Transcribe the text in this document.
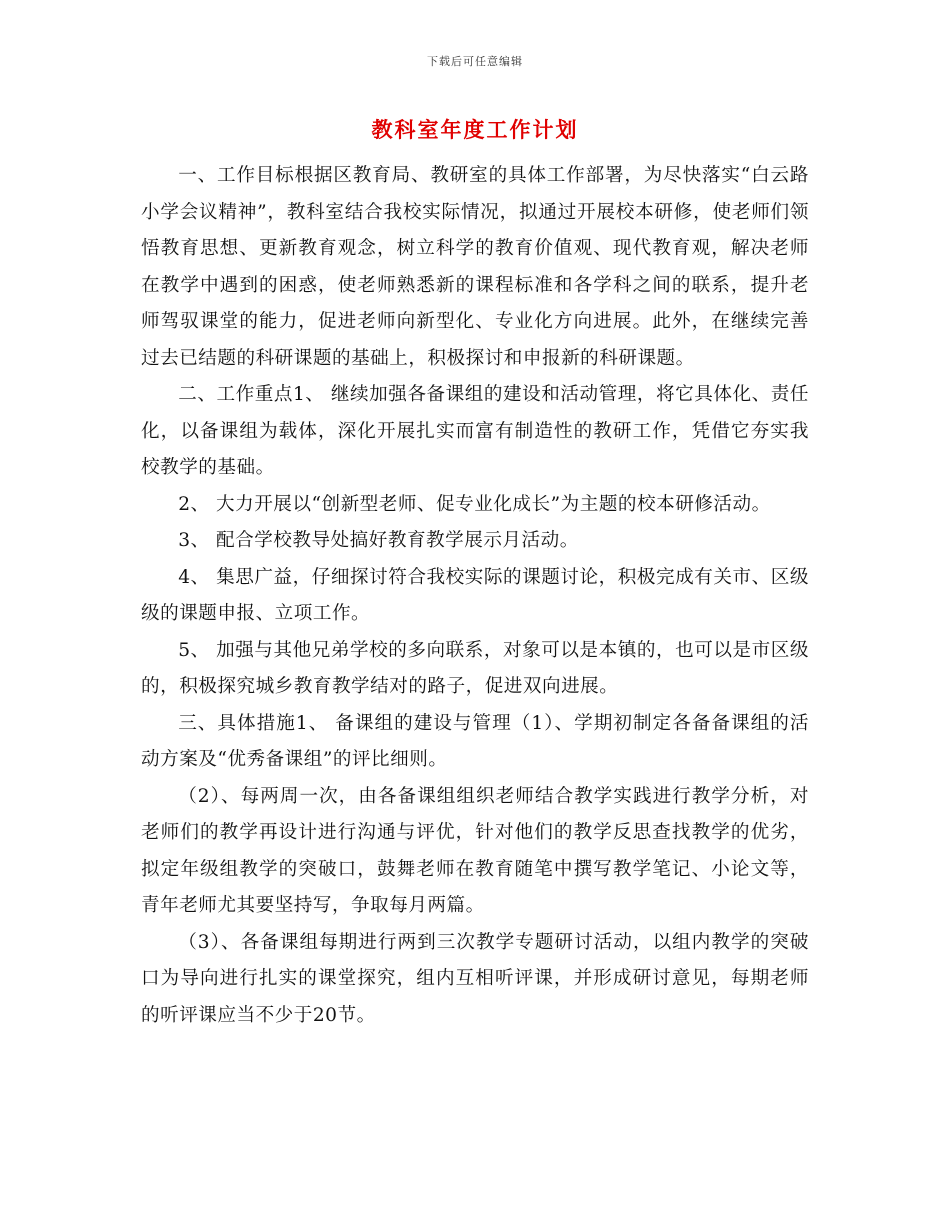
下载后可任意编辑
教科室年度工作计划

一、工作目标根据区教育局、教研室的具体工作部署，为尽快落实“白云路小学会议精神”，教科室结合我校实际情况，拟通过开展校本研修，使老师们领悟教育思想、更新教育观念，树立科学的教育价值观、现代教育观，解决老师在教学中遇到的困惑，使老师熟悉新的课程标准和各学科之间的联系，提升老师驾驭课堂的能力，促进老师向新型化、专业化方向进展。此外，在继续完善过去已结题的科研课题的基础上，积极探讨和申报新的科研课题。

二、工作重点1、 继续加强各备课组的建设和活动管理，将它具体化、责任化，以备课组为载体，深化开展扎实而富有制造性的教研工作，凭借它夯实我校教学的基础。

2、 大力开展以“创新型老师、促专业化成长”为主题的校本研修活动。

3、 配合学校教导处搞好教育教学展示月活动。

4、 集思广益，仔细探讨符合我校实际的课题讨论，积极完成有关市、区级级的课题申报、立项工作。

5、 加强与其他兄弟学校的多向联系，对象可以是本镇的，也可以是市区级的，积极探究城乡教育教学结对的路子，促进双向进展。

三、具体措施1、 备课组的建设与管理（1）、学期初制定各备备课组的活动方案及“优秀备课组”的评比细则。

（2）、每两周一次，由各备课组组织老师结合教学实践进行教学分析，对老师们的教学再设计进行沟通与评优，针对他们的教学反思查找教学的优劣，拟定年级组教学的突破口，鼓舞老师在教育随笔中撰写教学笔记、小论文等，青年老师尤其要坚持写，争取每月两篇。

（3）、各备课组每期进行两到三次教学专题研讨活动，以组内教学的突破口为导向进行扎实的课堂探究，组内互相听评课，并形成研讨意见，每期老师的听评课应当不少于20节。
